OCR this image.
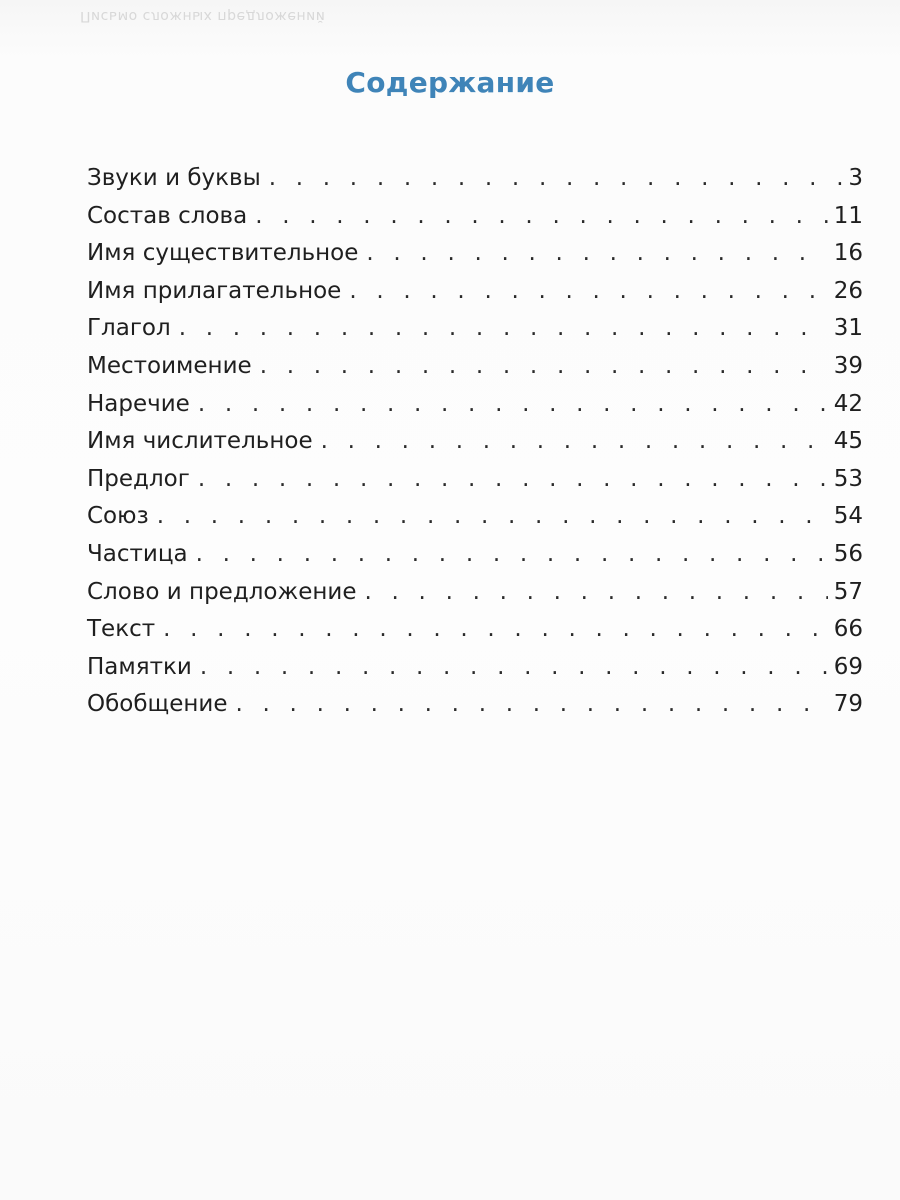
Письмо сложных предложений
Содержание
Звуки и буквы . . .	3
Состав слова . . .	11
Имя существительное . . .	16
Имя прилагательное . . .	26
Глагол . . .	31
Местоимение . . .	39
Наречие . . .	42
Имя числительное . . .	45
Предлог . . .	53
Союз . . .	54
Частица . . .	56
Слово и предложение . . .	57
Текст . . .	66
Памятки . . .	69
Обобщение . . .	79
